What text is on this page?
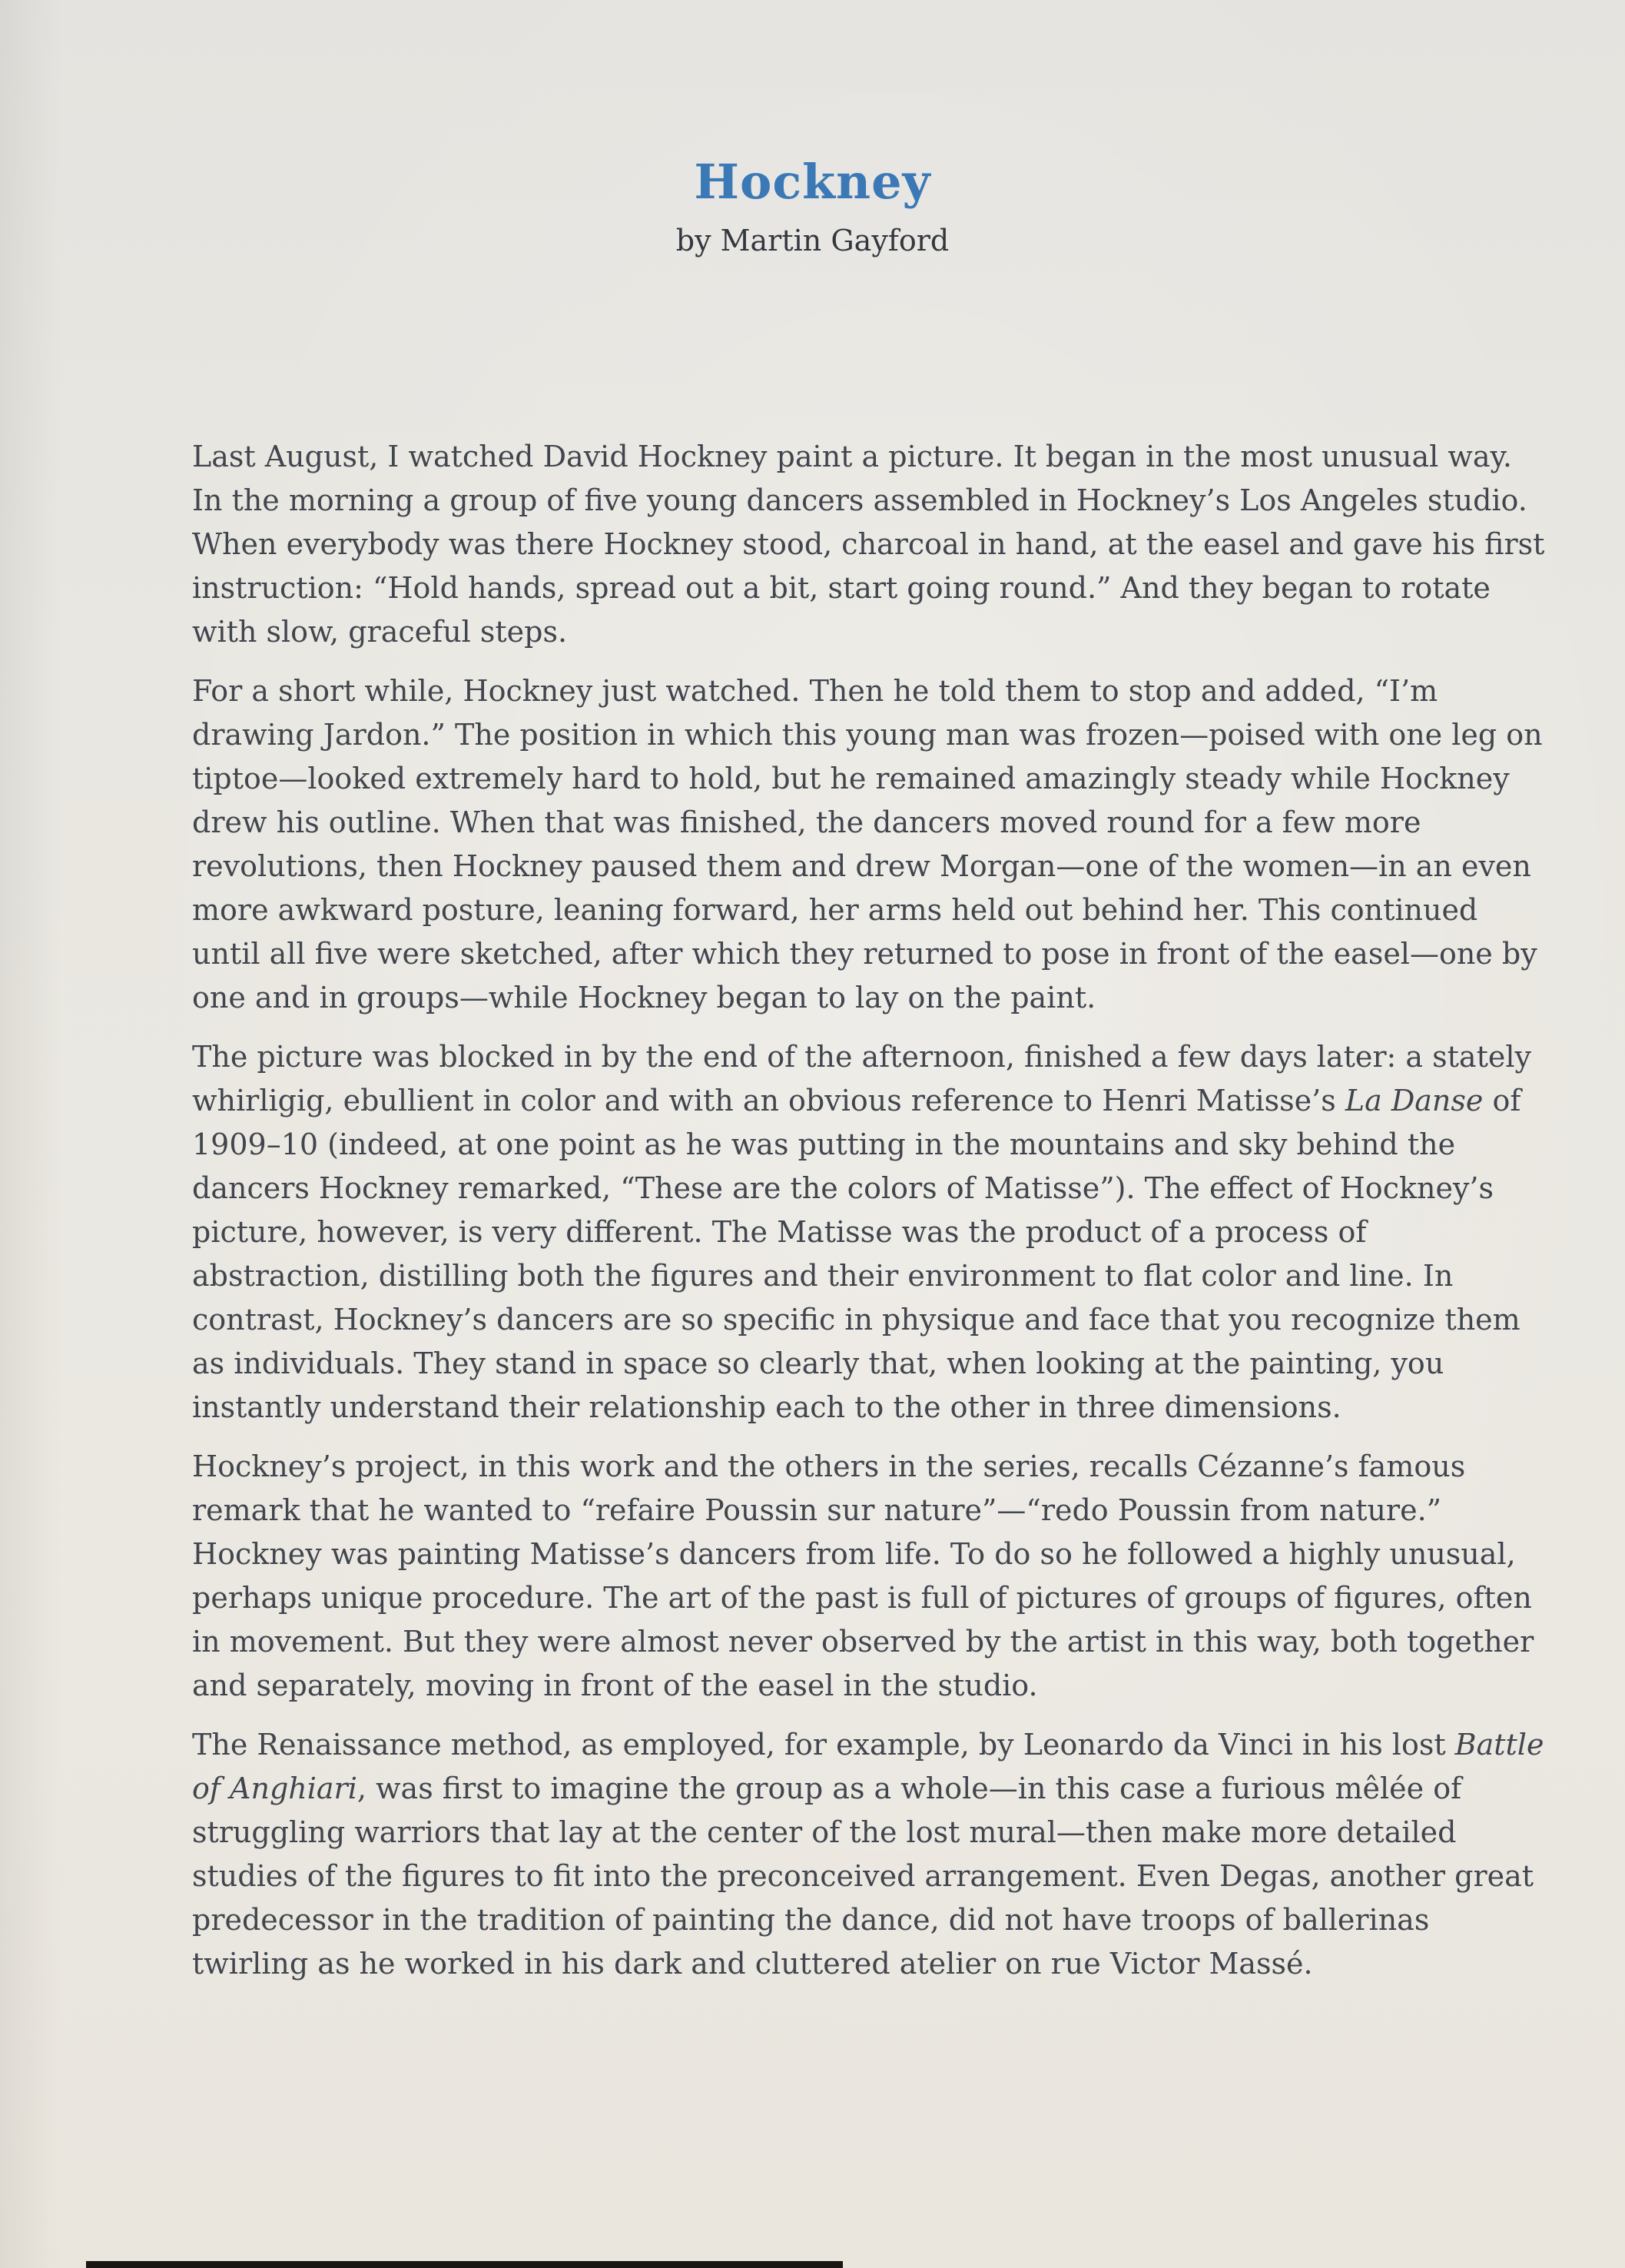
Hockney
by Martin Gayford

Last August, I watched David Hockney paint a picture. It began in the most unusual way. In the morning a group of five young dancers assembled in Hockney’s Los Angeles studio. When everybody was there Hockney stood, charcoal in hand, at the easel and gave his first instruction: “Hold hands, spread out a bit, start going round.” And they began to rotate with slow, graceful steps.

For a short while, Hockney just watched. Then he told them to stop and added, “I’m drawing Jardon.” The position in which this young man was frozen—poised with one leg on tiptoe—looked extremely hard to hold, but he remained amazingly steady while Hockney drew his outline. When that was finished, the dancers moved round for a few more revolutions, then Hockney paused them and drew Morgan—one of the women—in an even more awkward posture, leaning forward, her arms held out behind her. This continued until all five were sketched, after which they returned to pose in front of the easel—one by one and in groups—while Hockney began to lay on the paint.

The picture was blocked in by the end of the afternoon, finished a few days later: a stately whirligig, ebullient in color and with an obvious reference to Henri Matisse’s La Danse of 1909–10 (indeed, at one point as he was putting in the mountains and sky behind the dancers Hockney remarked, “These are the colors of Matisse”). The effect of Hockney’s picture, however, is very different. The Matisse was the product of a process of abstraction, distilling both the figures and their environment to flat color and line. In contrast, Hockney’s dancers are so specific in physique and face that you recognize them as individuals. They stand in space so clearly that, when looking at the painting, you instantly understand their relationship each to the other in three dimensions.

Hockney’s project, in this work and the others in the series, recalls Cézanne’s famous remark that he wanted to “refaire Poussin sur nature”—“redo Poussin from nature.” Hockney was painting Matisse’s dancers from life. To do so he followed a highly unusual, perhaps unique procedure. The art of the past is full of pictures of groups of figures, often in movement. But they were almost never observed by the artist in this way, both together and separately, moving in front of the easel in the studio.

The Renaissance method, as employed, for example, by Leonardo da Vinci in his lost Battle of Anghiari, was first to imagine the group as a whole—in this case a furious mêlée of struggling warriors that lay at the center of the lost mural—then make more detailed studies of the figures to fit into the preconceived arrangement. Even Degas, another great predecessor in the tradition of painting the dance, did not have troops of ballerinas twirling as he worked in his dark and cluttered atelier on rue Victor Massé.
